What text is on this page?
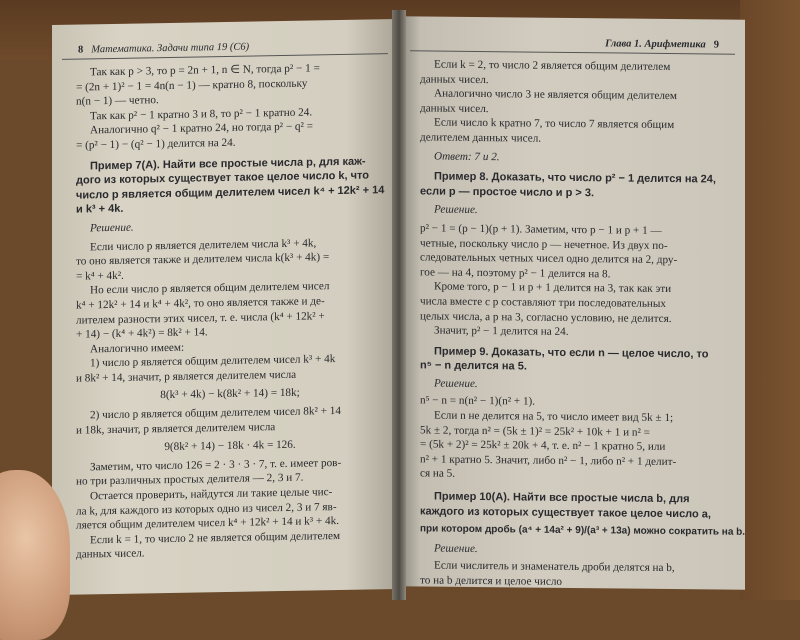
8 Математика. Задачи типа 19 (С6)

Так как p > 3, то p = 2n + 1, n ∈ N, тогда p² − 1 =

= (2n + 1)² − 1 = 4n(n − 1) — кратно 8, поскольку

n(n − 1) — четно.

Так как p² − 1 кратно 3 и 8, то p² − 1 кратно 24.

Аналогично q² − 1 кратно 24, но тогда p² − q² =

= (p² − 1) − (q² − 1) делится на 24.

Пример 7(А). Найти все простые числа p, для каж-

дого из которых существует такое целое число k, что

число p является общим делителем чисел k⁴ + 12k² + 14

и k³ + 4k.

Решение.

Если число p является делителем числа k³ + 4k,

то оно является также и делителем числа k(k³ + 4k) =

= k⁴ + 4k².

Но если число p является общим делителем чисел

k⁴ + 12k² + 14 и k⁴ + 4k², то оно является также и де-

лителем разности этих чисел, т. е. числа (k⁴ + 12k² +

+ 14) − (k⁴ + 4k²) = 8k² + 14.

Аналогично имеем:

1) число p является общим делителем чисел k³ + 4k

и 8k² + 14, значит, p является делителем числа

8(k³ + 4k) − k(8k² + 14) = 18k;

2) число p является общим делителем чисел 8k² + 14

и 18k, значит, p является делителем числа

9(8k² + 14) − 18k · 4k = 126.

Заметим, что число 126 = 2 · 3 · 3 · 7, т. е. имеет ров-

но три различных простых делителя — 2, 3 и 7.

Остается проверить, найдутся ли такие целые чис-

ла k, для каждого из которых одно из чисел 2, 3 и 7 яв-

ляется общим делителем чисел k⁴ + 12k² + 14 и k³ + 4k.

Если k = 1, то число 2 не является общим делителем

данных чисел.

Глава 1. Арифметика 9

Если k = 2, то число 2 является общим делителем

данных чисел.

Аналогично число 3 не является общим делителем

данных чисел.

Если число k кратно 7, то число 7 является общим

делителем данных чисел.

Ответ: 7 и 2.

Пример 8. Доказать, что число p² − 1 делится на 24,

если p — простое число и p > 3.

Решение.

p² − 1 = (p − 1)(p + 1). Заметим, что p − 1 и p + 1 —

четные, поскольку число p — нечетное. Из двух по-

следовательных четных чисел одно делится на 2, дру-

гое — на 4, поэтому p² − 1 делится на 8.

Кроме того, p − 1 и p + 1 делится на 3, так как эти

числа вместе с p составляют три последовательных

целых числа, а p на 3, согласно условию, не делится.

Значит, p² − 1 делится на 24.

Пример 9. Доказать, что если n — целое число, то

n⁵ − n делится на 5.

Решение.

n⁵ − n = n(n² − 1)(n² + 1).

Если n не делится на 5, то число имеет вид 5k ± 1;

5k ± 2, тогда n² = (5k ± 1)² = 25k² + 10k + 1 и n² =

= (5k + 2)² = 25k² ± 20k + 4, т. е. n² − 1 кратно 5, или

n² + 1 кратно 5. Значит, либо n² − 1, либо n² + 1 делит-

ся на 5.

Пример 10(А). Найти все простые числа b, для

каждого из которых существует такое целое число a,

при котором дробь (a⁴ + 14a² + 9)/(a³ + 13a) можно сократить на b.

Решение.

Если числитель и знаменатель дроби делятся на b,

то на b делится и целое число
